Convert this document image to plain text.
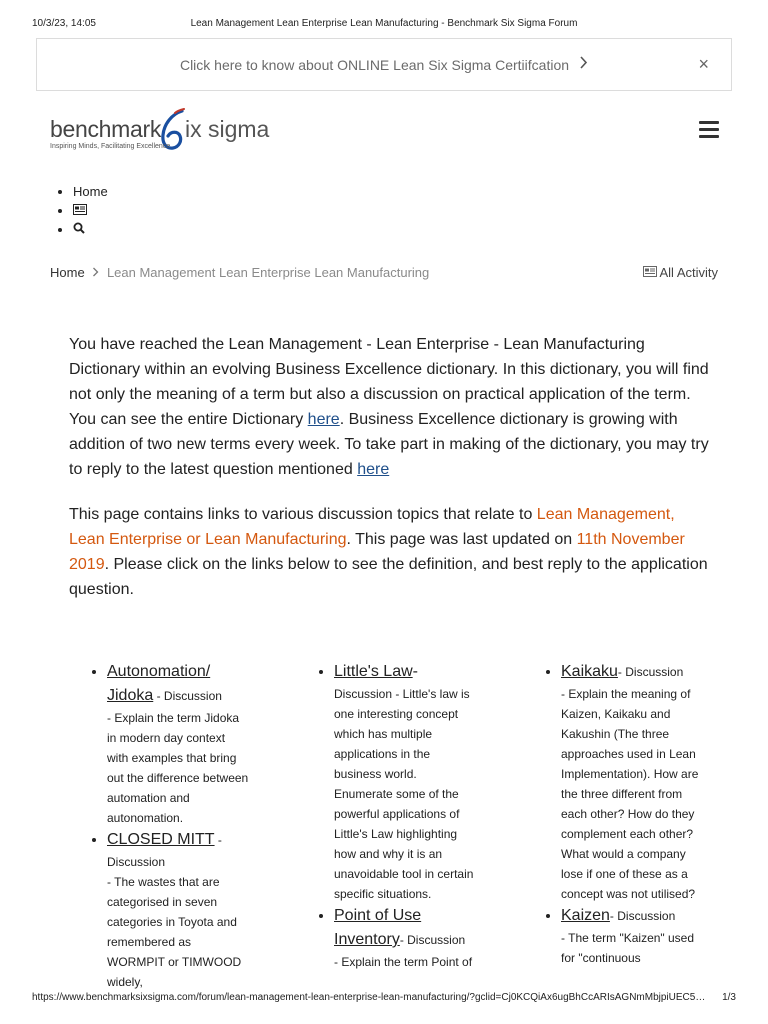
10/3/23, 14:05	Lean Management Lean Enterprise Lean Manufacturing - Benchmark Six Sigma Forum
Click here to know about ONLINE Lean Six Sigma Certiifcation	×
benchmark ix sigma
Inspiring Minds, Facilitating Excellence
• Home
•
•
Home Lean Management Lean Enterprise Lean Manufacturing	All Activity

You have reached the Lean Management - Lean Enterprise - Lean Manufacturing Dictionary within an evolving Business Excellence dictionary. In this dictionary, you will find not only the meaning of a term but also a discussion on practical application of the term. You can see the entire Dictionary here. Business Excellence dictionary is growing with addition of two new terms every week. To take part in making of the dictionary, you may try to reply to the latest question mentioned here

This page contains links to various discussion topics that relate to Lean Management, Lean Enterprise or Lean Manufacturing. This page was last updated on 11th November 2019. Please click on the links below to see the definition, and best reply to the application question.

• Autonomation/ Jidoka - Discussion
- Explain the term Jidoka in modern day context with examples that bring out the difference between automation and autonomation.
• CLOSED MITT - Discussion
- The wastes that are categorised in seven categories in Toyota and remembered as WORMPIT or TIMWOOD widely,
• Little's Law-
Discussion - Little's law is one interesting concept which has multiple applications in the business world. Enumerate some of the powerful applications of Little's Law highlighting how and why it is an unavoidable tool in certain specific situations.
• Point of Use Inventory- Discussion
- Explain the term Point of
• Kaikaku- Discussion
- Explain the meaning of Kaizen, Kaikaku and Kakushin (The three approaches used in Lean Implementation). How are the three different from each other? How do they complement each other? What would a company lose if one of these as a concept was not utilised?
• Kaizen- Discussion
- The term "Kaizen" used for "continuous
https://www.benchmarksixsigma.com/forum/lean-management-lean-enterprise-lean-manufacturing/?gclid=Cj0KCQiAx6ugBhCcARIsAGNmMbjpiUEC5…	1/3
